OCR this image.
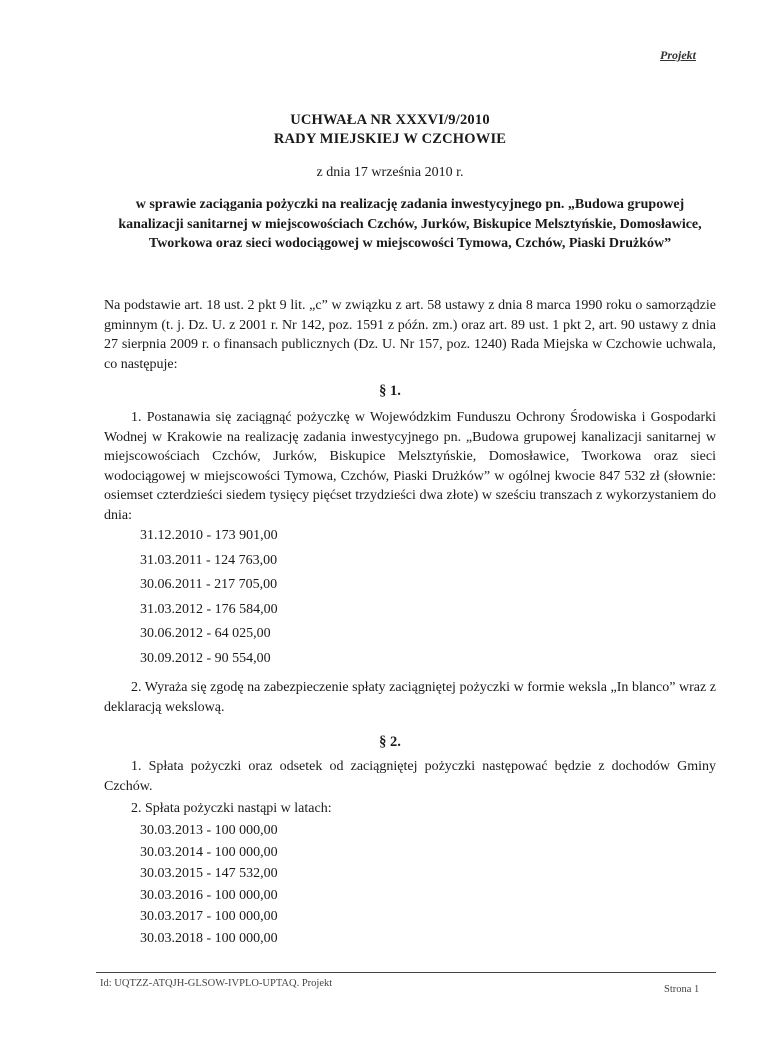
Projekt
UCHWAŁA NR XXXVI/9/2010
RADY MIEJSKIEJ W CZCHOWIE
z dnia 17 września 2010 r.
w sprawie zaciągania pożyczki na realizację zadania inwestycyjnego pn. „Budowa grupowej kanalizacji sanitarnej w miejscowościach Czchów, Jurków, Biskupice Melsztyńskie, Domosławice, Tworkowa oraz sieci wodociągowej w miejscowości Tymowa, Czchów, Piaski Drużków”
Na podstawie art. 18 ust. 2 pkt 9 lit. „c” w związku z art. 58 ustawy z dnia 8 marca 1990 roku o samorządzie gminnym (t. j. Dz. U. z 2001 r. Nr 142, poz. 1591 z późn. zm.) oraz art. 89 ust. 1 pkt 2, art. 90 ustawy z dnia 27 sierpnia 2009 r. o finansach publicznych (Dz. U. Nr 157, poz. 1240) Rada Miejska w Czchowie uchwala, co następuje:
§ 1.
1. Postanawia się zaciągnąć pożyczkę w Wojewódzkim Funduszu Ochrony Środowiska i Gospodarki Wodnej w Krakowie na realizację zadania inwestycyjnego pn. „Budowa grupowej kanalizacji sanitarnej w miejscowościach Czchów, Jurków, Biskupice Melsztyńskie, Domosławice, Tworkowa oraz sieci wodociągowej w miejscowości Tymowa, Czchów, Piaski Drużków” w ogólnej kwocie 847 532 zł (słownie: osiemset czterdzieści siedem tysięcy pięćset trzydzieści dwa złote) w sześciu transzach z wykorzystaniem do dnia:
31.12.2010 - 173 901,00
31.03.2011 - 124 763,00
30.06.2011 - 217 705,00
31.03.2012 - 176 584,00
30.06.2012 - 64 025,00
30.09.2012 - 90 554,00
2. Wyraża się zgodę na zabezpieczenie spłaty zaciągniętej pożyczki w formie weksla „In blanco” wraz z deklaracją wekslową.
§ 2.
1. Spłata pożyczki oraz odsetek od zaciągniętej pożyczki następować będzie z dochodów Gminy Czchów.
2. Spłata pożyczki nastąpi w latach:
30.03.2013 - 100 000,00
30.03.2014 - 100 000,00
30.03.2015 - 147 532,00
30.03.2016 - 100 000,00
30.03.2017 - 100 000,00
30.03.2018 - 100 000,00
Id: UQTZZ-ATQJH-GLSOW-IVPLO-UPTAQ. Projekt
Strona 1
